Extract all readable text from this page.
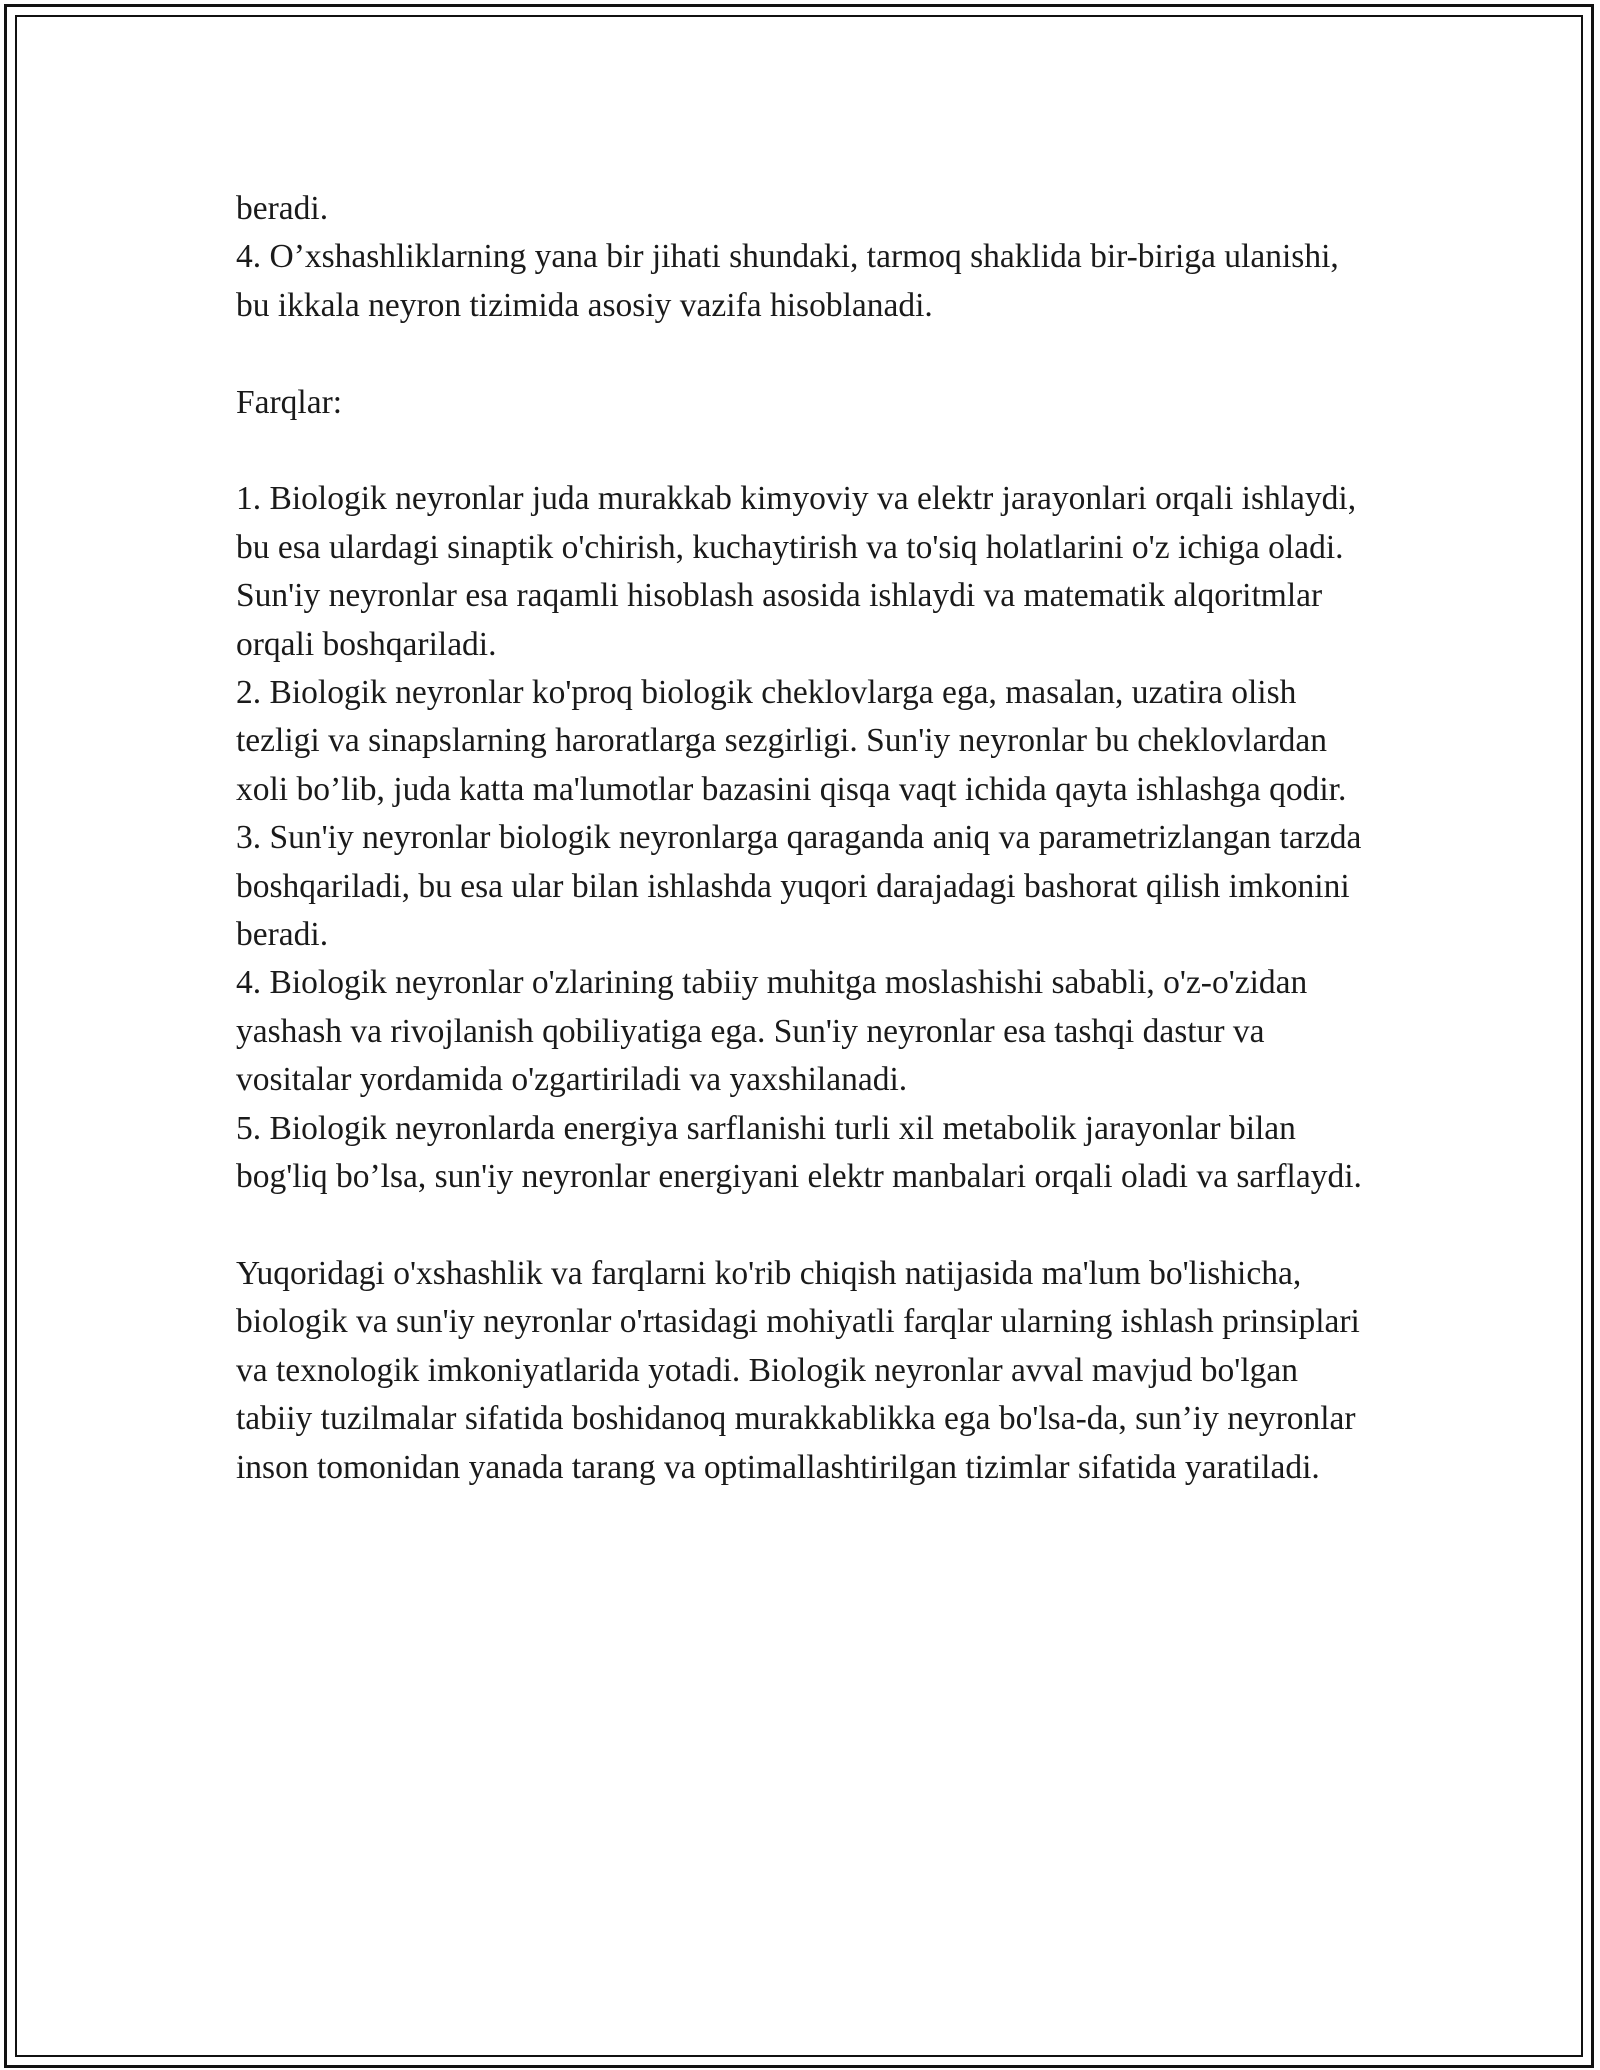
beradi.

4. O’xshashliklarning yana bir jihati shundaki, tarmoq shaklida bir-biriga ulanishi, bu ikkala neyron tizimida asosiy vazifa hisoblanadi.

Farqlar:

1. Biologik neyronlar juda murakkab kimyoviy va elektr jarayonlari orqali ishlaydi, bu esa ulardagi sinaptik o'chirish, kuchaytirish va to'siq holatlarini o'z ichiga oladi. Sun'iy neyronlar esa raqamli hisoblash asosida ishlaydi va matematik alqoritmlar orqali boshqariladi.

2. Biologik neyronlar ko'proq biologik cheklovlarga ega, masalan, uzatira olish tezligi va sinapslarning haroratlarga sezgirligi. Sun'iy neyronlar bu cheklovlardan xoli bo’lib, juda katta ma'lumotlar bazasini qisqa vaqt ichida qayta ishlashga qodir.

3. Sun'iy neyronlar biologik neyronlarga qaraganda aniq va parametrizlangan tarzda boshqariladi, bu esa ular bilan ishlashda yuqori darajadagi bashorat qilish imkonini beradi.

4. Biologik neyronlar o'zlarining tabiiy muhitga moslashishi sababli, o'z-o'zidan yashash va rivojlanish qobiliyatiga ega. Sun'iy neyronlar esa tashqi dastur va vositalar yordamida o'zgartiriladi va yaxshilanadi.

5. Biologik neyronlarda energiya sarflanishi turli xil metabolik jarayonlar bilan bog'liq bo’lsa, sun'iy neyronlar energiyani elektr manbalari orqali oladi va sarflaydi.

Yuqoridagi o'xshashlik va farqlarni ko'rib chiqish natijasida ma'lum bo'lishicha, biologik va sun'iy neyronlar o'rtasidagi mohiyatli farqlar ularning ishlash prinsiplari va texnologik imkoniyatlarida yotadi. Biologik neyronlar avval mavjud bo'lgan tabiiy tuzilmalar sifatida boshidanoq murakkablikka ega bo'lsa-da, sun’iy neyronlar inson tomonidan yanada tarang va optimallashtirilgan tizimlar sifatida yaratiladi.
